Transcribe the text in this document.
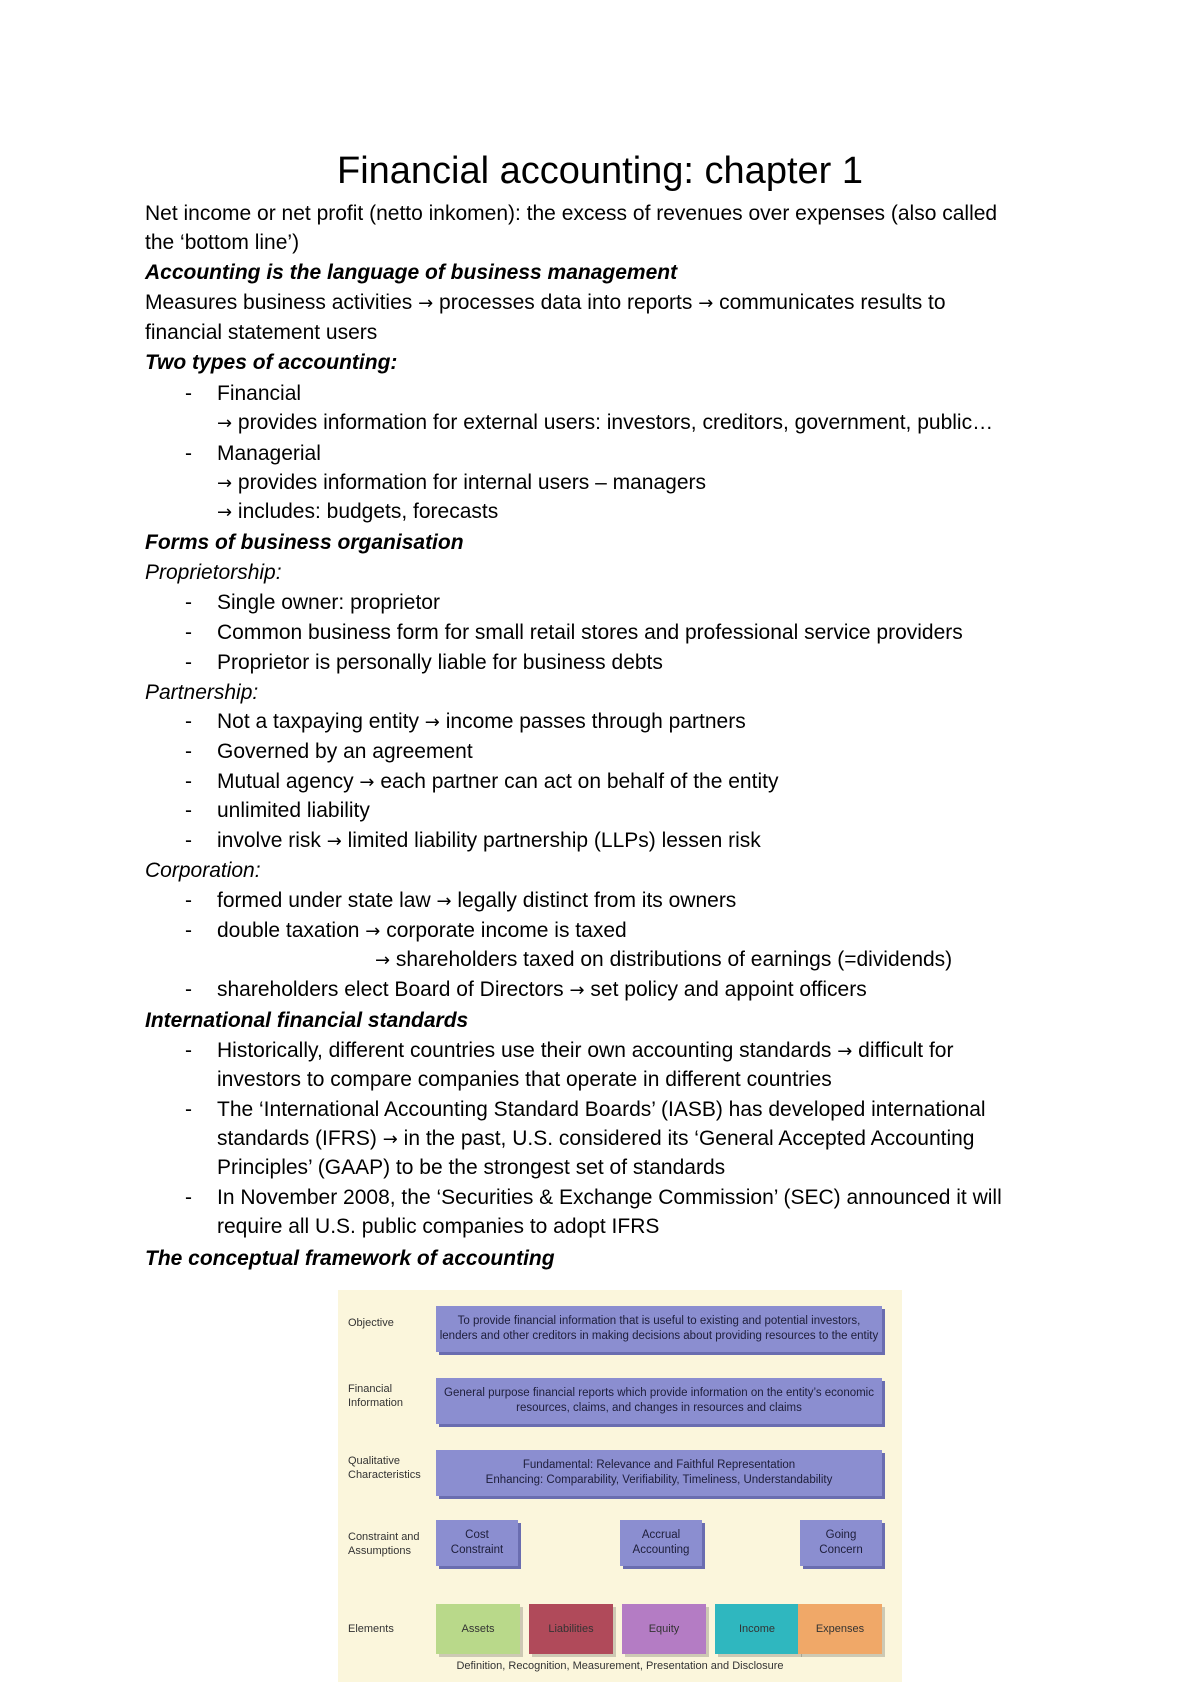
Financial accounting: chapter 1
Net income or net profit (netto inkomen): the excess of revenues over expenses (also called
the ‘bottom line’)
Accounting is the language of business management
Measures business activities → processes data into reports → communicates results to
financial statement users
Two types of accounting:
- Financial
→ provides information for external users: investors, creditors, government, public…
- Managerial
→ provides information for internal users – managers
→ includes: budgets, forecasts
Forms of business organisation
Proprietorship:
- Single owner: proprietor
- Common business form for small retail stores and professional service providers
- Proprietor is personally liable for business debts
Partnership:
- Not a taxpaying entity → income passes through partners
- Governed by an agreement
- Mutual agency → each partner can act on behalf of the entity
- unlimited liability
- involve risk → limited liability partnership (LLPs) lessen risk
Corporation:
- formed under state law → legally distinct from its owners
- double taxation → corporate income is taxed
→ shareholders taxed on distributions of earnings (=dividends)
- shareholders elect Board of Directors → set policy and appoint officers
International financial standards
- Historically, different countries use their own accounting standards → difficult for
investors to compare companies that operate in different countries
- The ‘International Accounting Standard Boards’ (IASB) has developed international
standards (IFRS) → in the past, U.S. considered its ‘General Accepted Accounting
Principles’ (GAAP) to be the strongest set of standards
- In November 2008, the ‘Securities & Exchange Commission’ (SEC) announced it will
require all U.S. public companies to adopt IFRS
The conceptual framework of accounting
Objective	To provide financial information that is useful to existing and potential investors,
lenders and other creditors in making decisions about providing resources to the entity
Financial
Information
General purpose financial reports which provide information on the entity’s economic
resources, claims, and changes in resources and claims
Qualitative
Characteristics
Fundamental: Relevance and Faithful Representation
Enhancing: Comparability, Verifiability, Timeliness, Understandability
Constraint and
Assumptions
Cost
Constraint
Accrual
Accounting
Going
Concern
Elements	Assets	Liabilities	Equity	Income	Expenses
Definition, Recognition, Measurement, Presentation and Disclosure
